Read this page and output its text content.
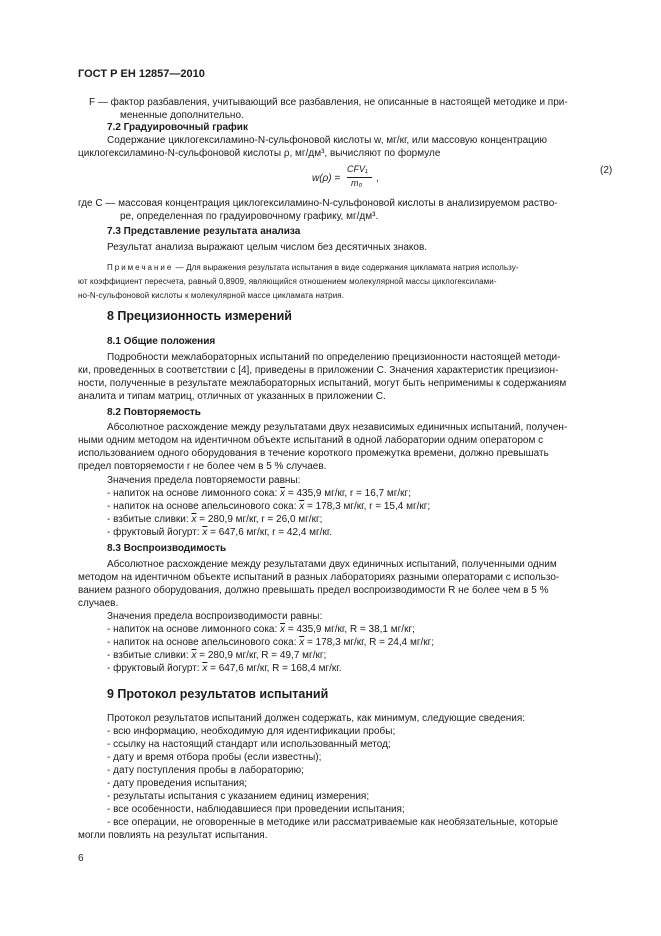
ГОСТ Р ЕН 12857—2010
F — фактор разбавления, учитывающий все разбавления, не описанные в настоящей методике и при-
мененные дополнительно.
7.2 Градуировочный график
Содержание циклогексиламино-N-сульфоновой кислоты w, мг/кг, или массовую концентрацию
циклогексиламино-N-сульфоновой кислоты ρ, мг/дм³, вычисляют по формуле
w(ρ) =
CFV₁
m₀ ,
(2)
где C — массовая концентрация циклогексиламино-N-сульфоновой кислоты в анализируемом раство-
ре, определенная по градуировочному графику, мг/дм³.
7.3 Представление результата анализа
Результат анализа выражают целым числом без десятичных знаков.
Примечание — Для выражения результата испытания в виде содержания цикламата натрия использу-
ют коэффициент пересчета, равный 0,8909, являющийся отношением молекулярной массы циклогексилами-
но-N-сульфоновой кислоты к молекулярной массе цикламата натрия.
8 Прецизионность измерений
8.1 Общие положения
Подробности межлабораторных испытаний по определению прецизионности настоящей методи-
ки, проведенных в соответствии с [4], приведены в приложении С. Значения характеристик прецизион-
ности, полученные в результате межлабораторных испытаний, могут быть неприменимы к содержаниям
аналита и типам матриц, отличных от указанных в приложении С.
8.2 Повторяемость
Абсолютное расхождение между результатами двух независимых единичных испытаний, получен-
ными одним методом на идентичном объекте испытаний в одной лаборатории одним оператором с
использованием одного оборудования в течение короткого промежутка времени, должно превышать
предел повторяемости r не более чем в 5 % случаев.
Значения предела повторяемости равны:
- напиток на основе лимонного сока: $\overline{x} = 435,9$ мг/кг, r = 16,7 мг/кг;
- напиток на основе апельсинового сока: $\overline{x} = 178,3$ мг/кг, r = 15,4 мг/кг;
- взбитые сливки: $\overline{x} = 280,9$ мг/кг, r = 26,0 мг/кг;
- фруктовый йогурт: $\overline{x} = 647,6$ мг/кг, r = 42,4 мг/кг.
8.3 Воспроизводимость
Абсолютное расхождение между результатами двух единичных испытаний, полученными одним
методом на идентичном объекте испытаний в разных лабораториях разными операторами с использо-
ванием разного оборудования, должно превышать предел воспроизводимости R не более чем в 5 %
случаев.
Значения предела воспроизводимости равны:
- напиток на основе лимонного сока: $\overline{x} = 435,9$ мг/кг, R = 38,1 мг/кг;
- напиток на основе апельсинового сока: $\overline{x} = 178,3$ мг/кг, R = 24,4 мг/кг;
- взбитые сливки: $\overline{x} = 280,9$ мг/кг, R = 49,7 мг/кг;
- фруктовый йогурт: $\overline{x} = 647,6$ мг/кг, R = 168,4 мг/кг.
9 Протокол результатов испытаний
Протокол результатов испытаний должен содержать, как минимум, следующие сведения:
- всю информацию, необходимую для идентификации пробы;
- ссылку на настоящий стандарт или использованный метод;
- дату и время отбора пробы (если известны);
- дату поступления пробы в лабораторию;
- дату проведения испытания;
- результаты испытания с указанием единиц измерения;
- все особенности, наблюдавшиеся при проведении испытания;
- все операции, не оговоренные в методике или рассматриваемые как необязательные, которые
могли повлиять на результат испытания.
6
